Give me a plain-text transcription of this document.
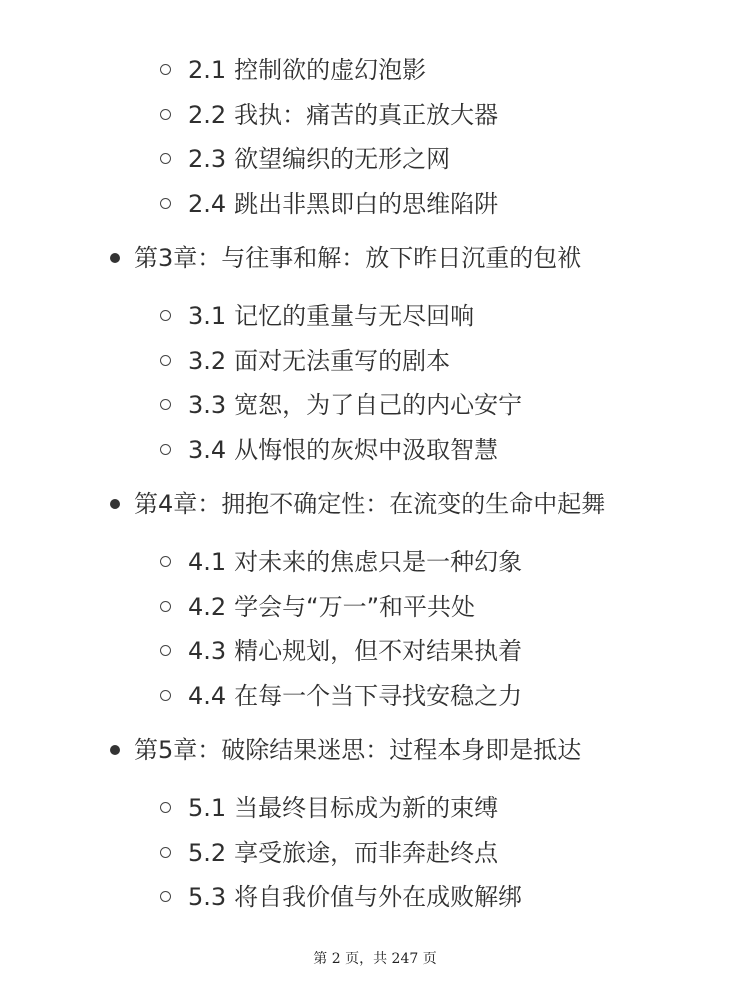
2.1 控制欲的虚幻泡影
2.2 我执：痛苦的真正放大器
2.3 欲望编织的无形之网
2.4 跳出非黑即白的思维陷阱
第3章：与往事和解：放下昨日沉重的包袱
3.1 记忆的重量与无尽回响
3.2 面对无法重写的剧本
3.3 宽恕，为了自己的内心安宁
3.4 从悔恨的灰烬中汲取智慧
第4章：拥抱不确定性：在流变的生命中起舞
4.1 对未来的焦虑只是一种幻象
4.2 学会与“万一”和平共处
4.3 精心规划，但不对结果执着
4.4 在每一个当下寻找安稳之力
第5章：破除结果迷思：过程本身即是抵达
5.1 当最终目标成为新的束缚
5.2 享受旅途，而非奔赴终点
5.3 将自我价值与外在成败解绑
第 2 页，共 247 页
